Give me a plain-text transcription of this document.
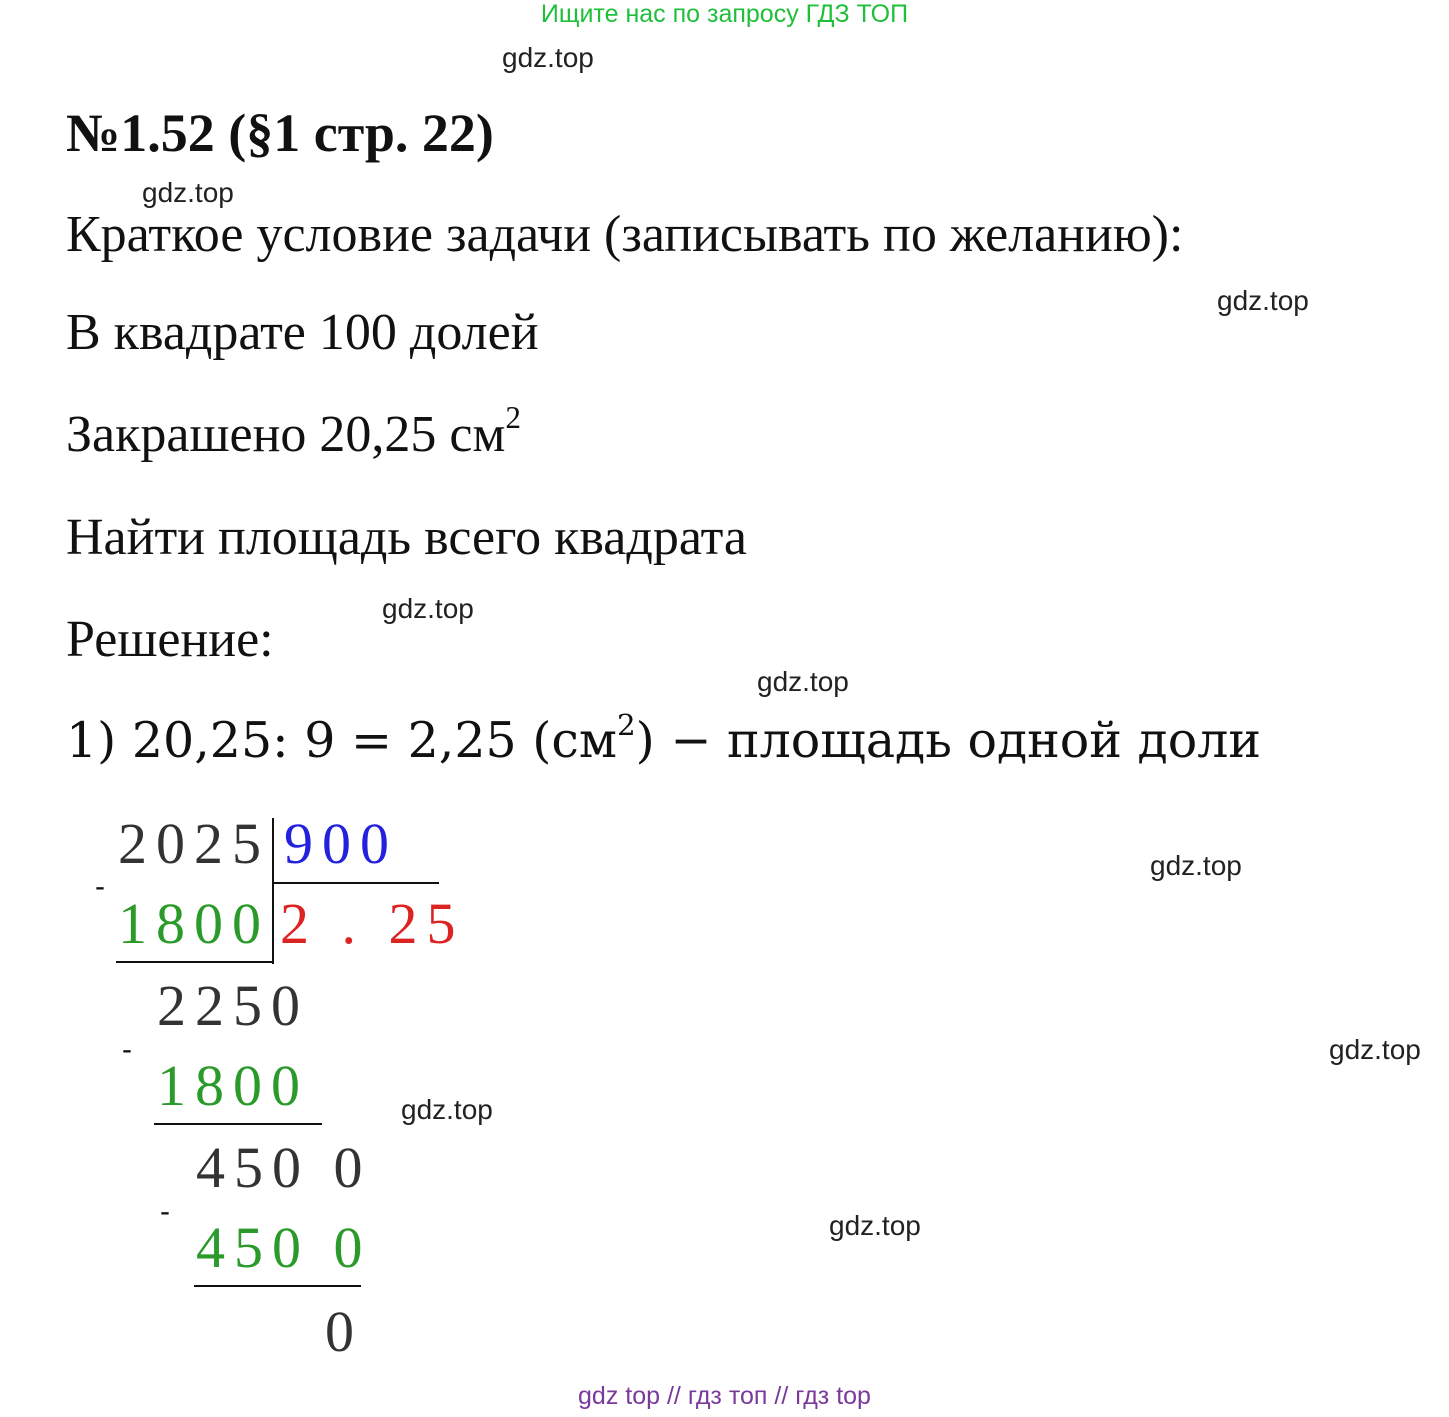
Ищите нас по запросу ГДЗ ТОП
gdz.top
gdz.top
gdz.top
gdz.top
gdz.top
gdz.top
gdz.top
gdz.top
gdz.top
№1.52 (§1 стр. 22)
Краткое условие задачи (записывать по желанию):
В квадрате 100 долей
Закрашено 20,25 $см^2$
Найти площадь всего квадрата
Решение:
1) 20,25: 9 = 2,25 $(см^2)$ − площадь одной доли
2025 900
-
1800 2 . 25
2250
-
1800
450 0
-
450 0
0
gdz top // гдз топ // гдз top
